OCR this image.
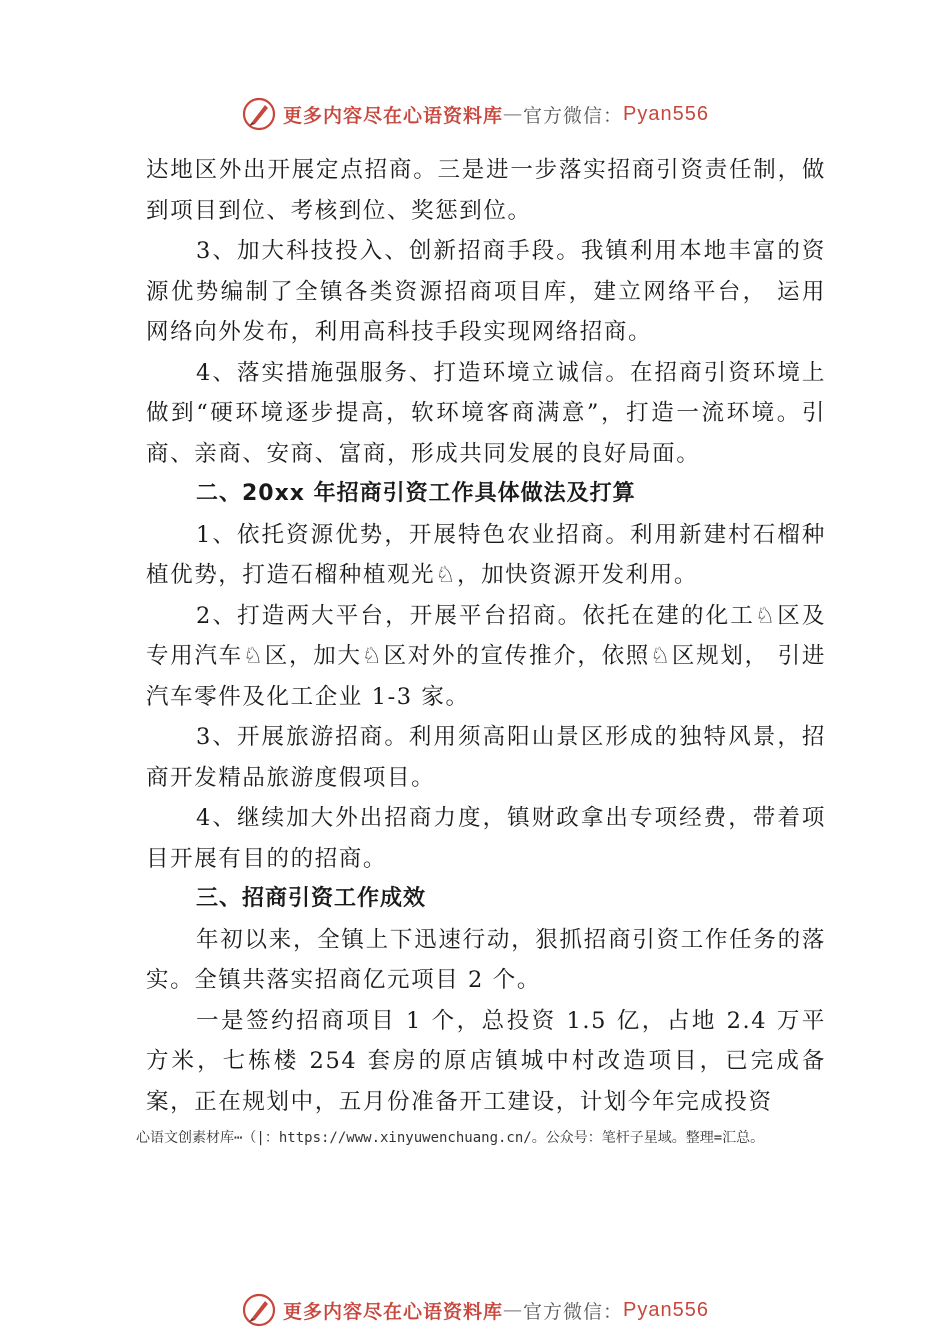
更多内容尽在心语资料库 — 官方微信： Pyan556

达地区外出开展定点招商。三是进一步落实招商引资责任制，做到项目到位、考核到位、奖惩到位。

3、加大科技投入、创新招商手段。我镇利用本地丰富的资源优势编制了全镇各类资源招商项目库，建立网络平台， 运用网络向外发布，利用高科技手段实现网络招商。

4、落实措施强服务、打造环境立诚信。在招商引资环境上做到“硬环境逐步提高，软环境客商满意”，打造一流环境。引商、亲商、安商、富商，形成共同发展的良好局面。

二、20xx 年招商引资工作具体做法及打算

1、依托资源优势，开展特色农业招商。利用新建村石榴种植优势，打造石榴种植观光♘，加快资源开发利用。

2、打造两大平台，开展平台招商。依托在建的化工♘区及专用汽车♘区，加大♘区对外的宣传推介，依照♘区规划， 引进汽车零件及化工企业 1-3 家。

3、开展旅游招商。利用须高阳山景区形成的独特风景，招商开发精品旅游度假项目。

4、继续加大外出招商力度，镇财政拿出专项经费，带着项目开展有目的的招商。

三、招商引资工作成效

年初以来，全镇上下迅速行动，狠抓招商引资工作任务的落实。全镇共落实招商亿元项目 2 个。

一是签约招商项目 1 个，总投资 1.5 亿，占地 2.4 万平方米，七栋楼 254 套房的原店镇城中村改造项目，已完成备案，正在规划中，五月份准备开工建设，计划今年完成投资

心语文创素材库⋯（|：https://www.xinyuwenchuang.cn/。公众号：笔杆子星域。整理=汇总。
更多内容尽在心语资料库 — 官方微信： Pyan556
